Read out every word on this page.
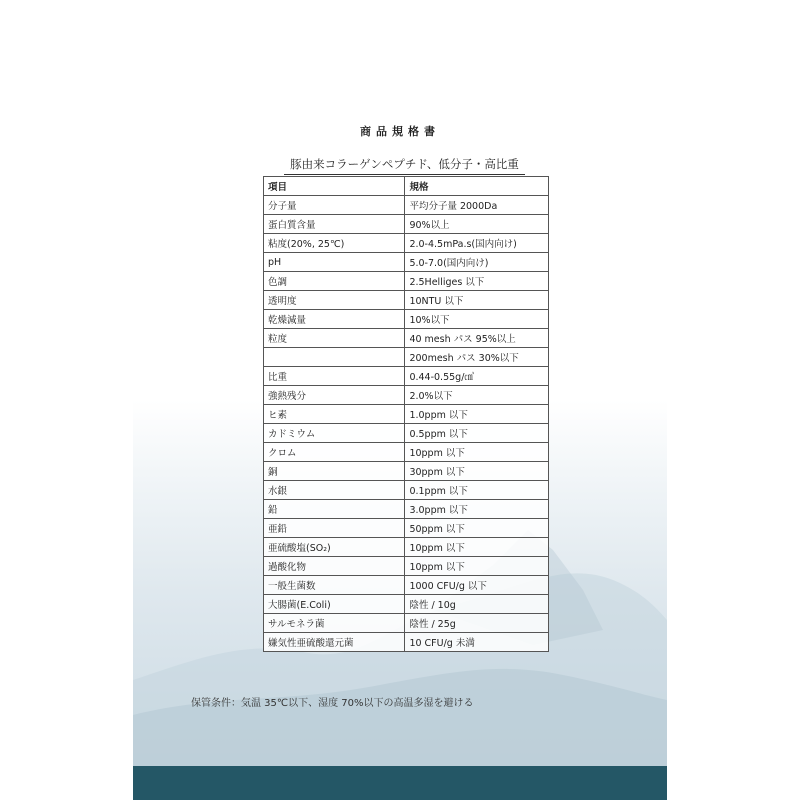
商品規格書
豚由来コラーゲンペプチド、低分子・高比重
項目	規格
分子量	平均分子量 2000Da
蛋白質含量	90%以上
粘度(20%, 25℃)	2.0-4.5mPa.s(国内向け)
pH	5.0-7.0(国内向け)
色調	2.5Helliges 以下
透明度	10NTU 以下
乾燥減量	10%以下
粒度	40 mesh パス 95%以上
	200mesh パス 30%以下
比重	0.44-0.55g/㎤
強熱残分	2.0%以下
ヒ素	1.0ppm 以下
カドミウム	0.5ppm 以下
クロム	10ppm 以下
銅	30ppm 以下
水銀	0.1ppm 以下
鉛	3.0ppm 以下
亜鉛	50ppm 以下
亜硫酸塩(SO₂)	10ppm 以下
過酸化物	10ppm 以下
一般生菌数	1000 CFU/g 以下
大腸菌(E.Coli)	陰性 / 10g
サルモネラ菌	陰性 / 25g
嫌気性亜硫酸還元菌	10 CFU/g 未満
保管条件：気温 35℃以下、湿度 70%以下の高温多湿を避ける
